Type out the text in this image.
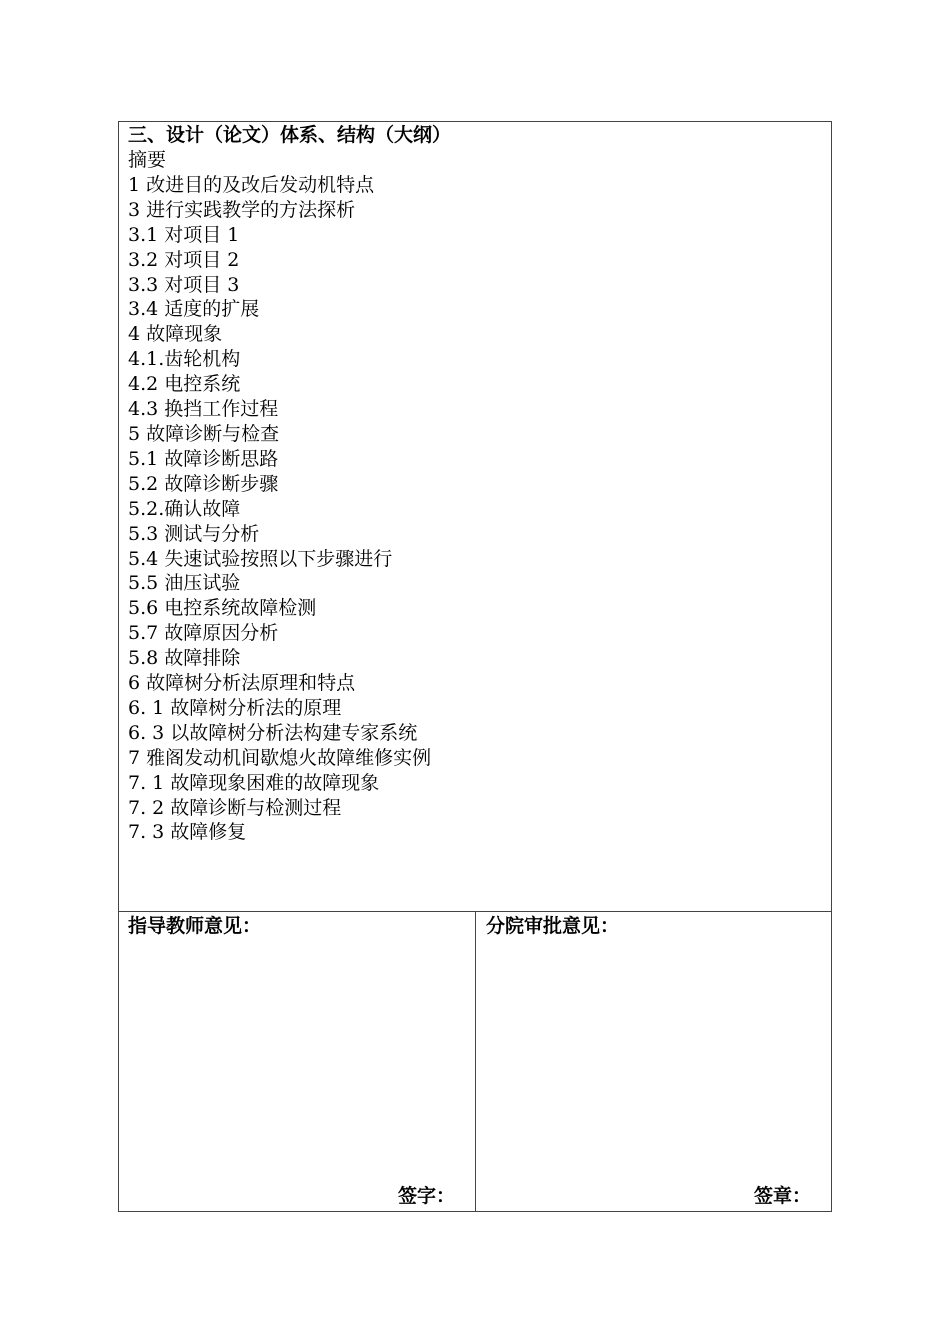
三、设计（论文）体系、结构（大纲）

摘要
1 改进目的及改后发动机特点
3 进行实践教学的方法探析
3.1 对项目 1
3.2 对项目 2
3.3 对项目 3
3.4 适度的扩展
4 故障现象
4.1.齿轮机构
4.2 电控系统
4.3 换挡工作过程
5 故障诊断与检查
5.1 故障诊断思路
5.2 故障诊断步骤
5.2.确认故障
5.3 测试与分析
5.4 失速试验按照以下步骤进行
5.5 油压试验
5.6 电控系统故障检测
5.7 故障原因分析
5.8 故障排除
6 故障树分析法原理和特点
6. 1 故障树分析法的原理
6. 3 以故障树分析法构建专家系统
7 雅阁发动机间歇熄火故障维修实例
7. 1 故障现象困难的故障现象
7. 2 故障诊断与检测过程
7. 3 故障修复
指导教师意见：
签字：
分院审批意见：
签章：
